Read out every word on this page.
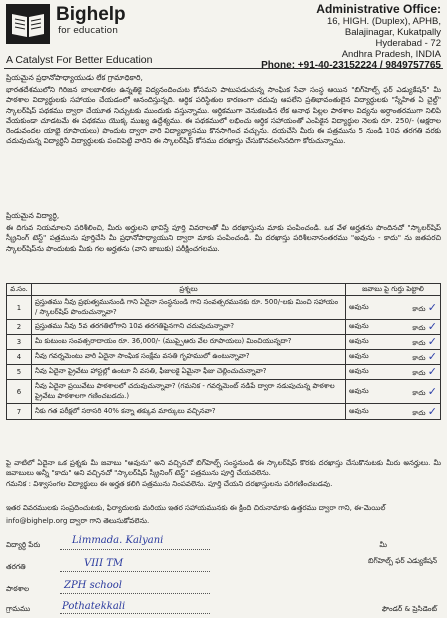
Bighelp
for education
A Catalyst For Better Education
Administrative Office:
16, HIGH. (Duplex), APHB,
Balajinagar, Kukatpally
Hyderabad - 72
Andhra Pradesh, INDIA
Phone: +91-40-23152224 / 9849757765
ప్రియమైన ప్రధానోపాధ్యాయుడు లేక గ్రామాధికారి,

భారతదేశములోని గిరిజన బాలబాలికల ఉన్నతికై విద్యనందించుట కోసమని పాటుపడుచున్న సాంఘిక సేవా సంస్థ ఆయిన "బిగ్‌హెల్ప్ ఫర్ ఎడ్యుకేషన్" మీ పాఠశాల విద్యార్థులకు సహాయం చేయడంలో ఆనందిస్తున్నది. ఆర్థిక పరిస్థితుల కారణంగా చదువు ఆపలేని ప్రతిభావంతులైన విద్యార్థులకు "స్నేహిత ఏ చైల్డ్" స్కాలర్‌షిప్ పథకము ద్వారా చేయూత నిచ్చుటకు ముందుకు వస్తున్నాము. ఆర్థికముగా వెనుకబడిన లేక అనాథ పిల్లల పాఠశాల విద్యను అర్ధాంతరముగా నిలిపి వేయకుండా చూడటమే ఈ పథకము యొక్క ముఖ్య ఉద్దేశ్యము. ఈ పథకములో లభించు ఆర్థిక సహాయంతో ఎంపికైన విద్యార్థుల నెలకు రూ. 250/- (అక్షరాల రెండువందల యాభై రూపాయలు) పొందుట ద్వారా వారి విద్యాభ్యాసము కొనసాగించ వచ్చును. దయచేసి మీరు ఈ పత్రమును 5 నుండి 10వ తరగతి వరకు చదువుచున్న విద్యార్థినీ విద్యార్థులకు పంచిపెట్టి వారిని ఈ స్కాలర్‌షిప్ కోసము దరఖాస్తు చేసుకొనవలసినదిగా కోరుచున్నాము.

ప్రియమైన విద్యార్థి,

ఈ దిగువ నియమాలని పరిశీలించి, మీరు అర్హులని భావిస్తే పూర్తి వివరాలతో మీ దరఖాస్తును మాకు పంపించండి. ఒక వేళ అర్హతను పొందినచో "స్కాలర్‌షిప్ స్క్రీనింగ్ టెస్ట్" పత్రమును పూర్తిచేసి మీ ప్రధానోపాధ్యాయుని ద్వారా మాకు పంపించండి. మీ దరఖాస్తు పరిశీలనానంతరము "అవును - కాదు" ను జతపరచి స్కాలర్‌షిప్‌ను పొందుటకు మీకు గల అర్హతను (వాని జాబుకు) పరీక్షించగలము.

వ.సం.	ప్రశ్నలు	జవాబు పై గుర్తు పెట్టాలి
1	ప్రస్తుతము నీవు ప్రభుత్వమునుండి గాని ఏదైనా సంస్థనుండి గాని సంవత్సరమునకు రూ. 500/-లకు మించి సహాయం / స్కాలర్‌షిప్ పొందుచున్నావా?	అవును కాదు ✓

2	ప్రస్తుతము నీవు 5వ తరగతిలోగాని 10వ తరగతిపైనగాని చదువుచున్నావా?	అవును కాదు ✓

3	మీ కుటుంబ సంవత్సరాదాయం రూ. 36,000/- (ముప్పైఆరు వేల రూపాయలు) మించియున్నదా?	అవును కాదు ✓

4	నీవు గవర్నమెంటు వారి ఏదైనా సాంఘిక సంక్షేమ వసతి గృహములో ఉంటున్నావా?	అవును కాదు ✓

5	నీవు ఏదైనా ప్రైవేటు హాస్టల్లో ఉంటూ నీ వసతి, ఫీజులకై ఏమైనా ఫీజు చెల్లించుచున్నావా?	అవును కాదు ✓

6	నీవు ఏదైనా ప్రయివేటు పాఠశాలలో చదువుచున్నావా? (గమనిక - గవర్నమెంట్ నడిపే ద్వారా నడుపుచున్న పాఠశాల ప్రైవేటు పాఠశాలగా గణించబడదు.)	అవును కాదు ✓

7	నీకు గత పరీక్షలో సరాసరి 40% కన్నా తక్కువ మార్కులు వచ్చినవా?	అవును కాదు ✓

పై వాటిలో ఏదైనా ఒక ప్రశ్నకు మీ జవాబు "అవును" అని వచ్చినచో బిగ్‌హెల్ప్ సంస్థనుండి ఈ స్కాలర్‌షిప్ కొరకు దరఖాస్తు చేసుకొనుటకు మీరు అనర్హులు. మీ జవాబులు అన్నీ "కాదు" అని వచ్చినచో "స్కాలర్‌షిప్ స్క్రీనింగ్ టెస్ట్" పత్రమును పూర్తి చేయవలెను.

గమనిక : విశ్వాసంగల విద్యార్థులు ఈ అర్హత కలిగి పత్రమును నింపవలెను. పూర్తి చేయని దరఖాస్తులను పరిగణించబడవు.

ఇతర వివరములకు సంప్రదించుటకు, ఫిర్యాదులకు మరియు ఇతర సహాయమునకు ఈ క్రింది చిరునామాకు ఉత్తరము ద్వారా గాని, ఈ-మెయిల్

info@bighelp.org ద్వారా గాని తెలుసుకోవలెను.
విద్యార్థి పేరు	Limmada. Kalyani
తరగతి	VIII TM
పాఠశాల	ZPH school
గ్రామము	Pothatekkali
మీ
బిగ్‌హెల్ప్ ఫర్ ఎడ్యుకేషన్
ఫౌండర్ & ప్రెసిడెంట్
